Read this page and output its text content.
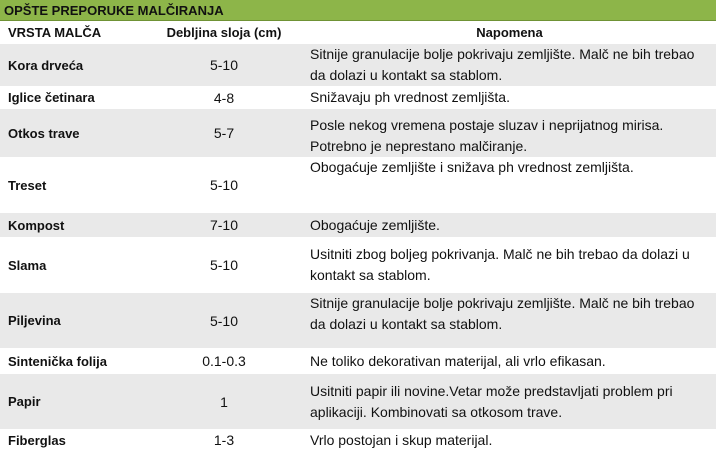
OPŠTE PREPORUKE MALČIRANJA
VRSTA MALČA	Debljina sloja (cm)	Napomena
Kora drveća	5-10	Sitnije granulacije bolje pokrivaju zemljište. Malč ne bih trebao da dolazi u kontakt sa stablom.
Iglice četinara	4-8	Snižavaju ph vrednost zemljišta.
Otkos trave	5-7	Posle nekog vremena postaje sluzav i neprijatnog mirisa. Potrebno je neprestano malčiranje.
Treset	5-10	Obogaćuje zemljište i snižava ph vrednost zemljišta.
Kompost	7-10	Obogaćuje zemljište.
Slama	5-10	Usitniti zbog boljeg pokrivanja. Malč ne bih trebao da dolazi u kontakt sa stablom.
Piljevina	5-10	Sitnije granulacije bolje pokrivaju zemljište. Malč ne bih trebao da dolazi u kontakt sa stablom.
Sintenička folija	0.1-0.3	Ne toliko dekorativan materijal, ali vrlo efikasan.
Papir	1	Usitniti papir ili novine.Vetar može predstavljati problem pri aplikaciji. Kombinovati sa otkosom trave.
Fiberglas	1-3	Vrlo postojan i skup materijal.
